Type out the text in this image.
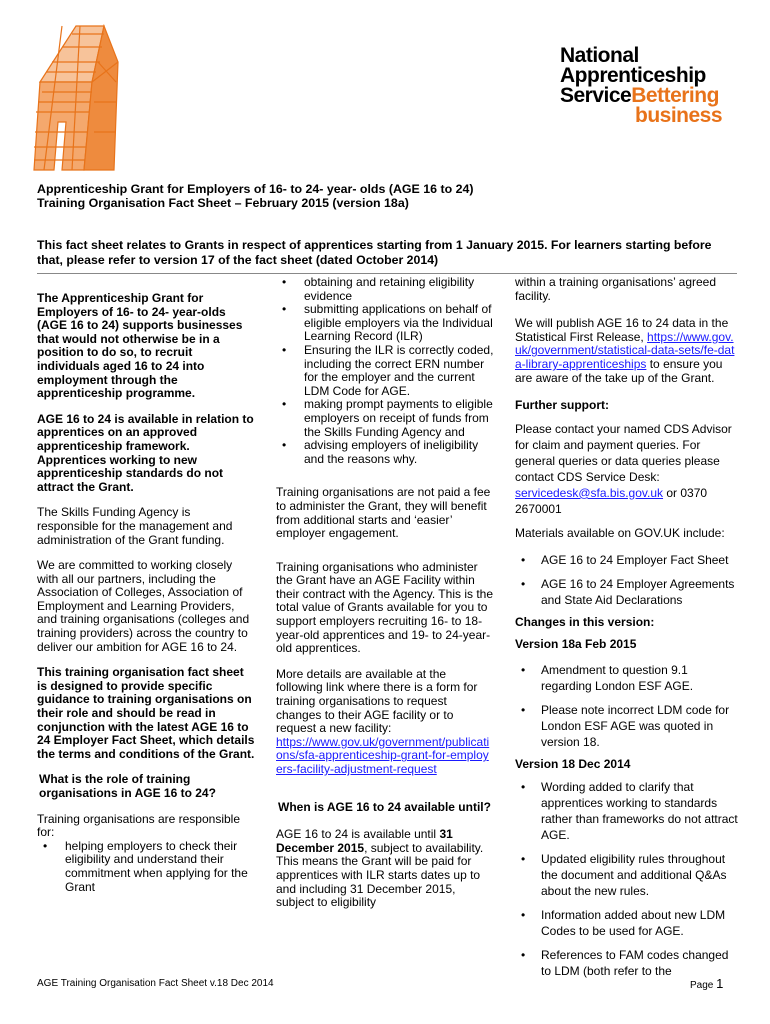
National
Apprenticeship
ServiceBettering
business
Apprenticeship Grant for Employers of 16- to 24- year- olds (AGE 16 to 24) Training Organisation Fact Sheet – February 2015 (version 18a)
This fact sheet relates to Grants in respect of apprentices starting from 1 January 2015. For learners starting before that, please refer to version 17 of the fact sheet (dated October 2014)

The Apprenticeship Grant for Employers of 16- to 24- year-olds (AGE 16 to 24) supports businesses that would not otherwise be in a position to do so, to recruit individuals aged 16 to 24 into employment through the apprenticeship programme.

AGE 16 to 24 is available in relation to apprentices on an approved apprenticeship framework. Apprentices working to new apprenticeship standards do not attract the Grant.

The Skills Funding Agency is responsible for the management and administration of the Grant funding.

We are committed to working closely with all our partners, including the Association of Colleges, Association of Employment and Learning Providers, and training organisations (colleges and training providers) across the country to deliver our ambition for AGE 16 to 24.

This training organisation fact sheet is designed to provide specific guidance to training organisations on their role and should be read in conjunction with the latest AGE 16 to 24 Employer Fact Sheet, which details the terms and conditions of the Grant.

What is the role of training organisations in AGE 16 to 24?

Training organisations are responsible for:

• helping employers to check their eligibility and understand their commitment when applying for the Grant
• obtaining and retaining eligibility evidence
• submitting applications on behalf of eligible employers via the Individual Learning Record (ILR)
• Ensuring the ILR is correctly coded, including the correct ERN number for the employer and the current LDM Code for AGE.
• making prompt payments to eligible employers on receipt of funds from the Skills Funding Agency and
• advising employers of ineligibility and the reasons why.

Training organisations are not paid a fee to administer the Grant, they will benefit from additional starts and ‘easier’ employer engagement.

Training organisations who administer the Grant have an AGE Facility within their contract with the Agency. This is the total value of Grants available for you to support employers recruiting 16- to 18-year-old apprentices and 19- to 24-year-old apprentices.

More details are available at the following link where there is a form for training organisations to request changes to their AGE facility or to request a new facility:

https://www.gov.uk/government/publications/sfa-apprenticeship-grant-for-employers-facility-adjustment-request

When is AGE 16 to 24 available until?

AGE 16 to 24 is available until 31 December 2015, subject to availability. This means the Grant will be paid for apprentices with ILR starts dates up to and including 31 December 2015, subject to eligibility

within a training organisations’ agreed facility.

We will publish AGE 16 to 24 data in the Statistical First Release, https://www.gov.uk/government/statistical-data-sets/fe-data-library-apprenticeships to ensure you are aware of the take up of the Grant.

Further support:

Please contact your named CDS Advisor for claim and payment queries. For general queries or data queries please contact CDS Service Desk: servicedesk@sfa.bis.gov.uk or 0370 2670001

Materials available on GOV.UK include:

• AGE 16 to 24 Employer Fact Sheet
• AGE 16 to 24 Employer Agreements and State Aid Declarations

Changes in this version:

Version 18a Feb 2015

• Amendment to question 9.1 regarding London ESF AGE.
• Please note incorrect LDM code for London ESF AGE was quoted in version 18.

Version 18 Dec 2014

• Wording added to clarify that apprentices working to standards rather than frameworks do not attract AGE.
• Updated eligibility rules throughout the document and additional Q&As about the new rules.
• Information added about new LDM Codes to be used for AGE.
• References to FAM codes changed to LDM (both refer to the
AGE Training Organisation Fact Sheet v.18 Dec 2014	Page 1
